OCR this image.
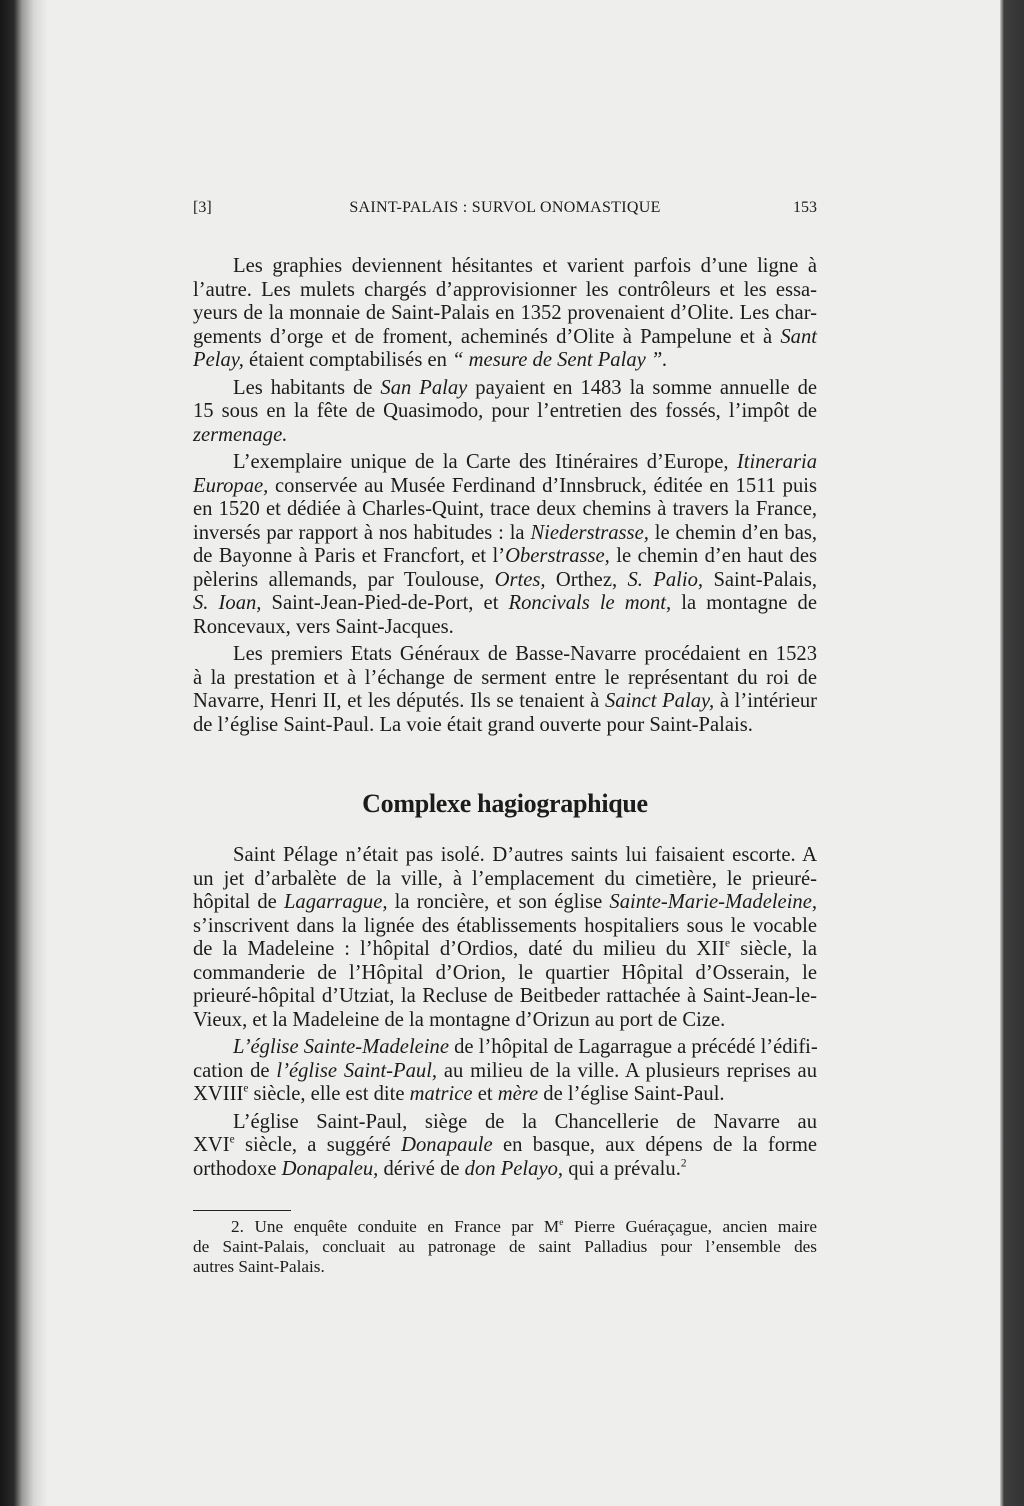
[3]	SAINT-PALAIS : SURVOL ONOMASTIQUE	153
Les graphies deviennent hésitantes et varient parfois d’une ligne à
l’autre. Les mulets chargés d’approvisionner les contrôleurs et les essa-
yeurs de la monnaie de Saint-Palais en 1352 provenaient d’Olite. Les char-
gements d’orge et de froment, acheminés d’Olite à Pampelune et à Sant
Pelay, étaient comptabilisés en “ mesure de Sent Palay ”.
Les habitants de San Palay payaient en 1483 la somme annuelle de
15 sous en la fête de Quasimodo, pour l’entretien des fossés, l’impôt de
zermenage.
L’exemplaire unique de la Carte des Itinéraires d’Europe, Itineraria
Europae, conservée au Musée Ferdinand d’Innsbruck, éditée en 1511 puis
en 1520 et dédiée à Charles-Quint, trace deux chemins à travers la France,
inversés par rapport à nos habitudes : la Niederstrasse, le chemin d’en bas,
de Bayonne à Paris et Francfort, et l’Oberstrasse, le chemin d’en haut des
pèlerins allemands, par Toulouse, Ortes, Orthez, S. Palio, Saint-Palais,
S. Ioan, Saint-Jean-Pied-de-Port, et Roncivals le mont, la montagne de
Roncevaux, vers Saint-Jacques.
Les premiers Etats Généraux de Basse-Navarre procédaient en 1523
à la prestation et à l’échange de serment entre le représentant du roi de
Navarre, Henri II, et les députés. Ils se tenaient à Sainct Palay, à l’intérieur
de l’église Saint-Paul. La voie était grand ouverte pour Saint-Palais.
Complexe hagiographique
Saint Pélage n’était pas isolé. D’autres saints lui faisaient escorte. A
un jet d’arbalète de la ville, à l’emplacement du cimetière, le prieuré-
hôpital de Lagarrague, la roncière, et son église Sainte-Marie-Madeleine,
s’inscrivent dans la lignée des établissements hospitaliers sous le vocable
de la Madeleine : l’hôpital d’Ordios, daté du milieu du XIIe siècle, la
commanderie de l’Hôpital d’Orion, le quartier Hôpital d’Osserain, le
prieuré-hôpital d’Utziat, la Recluse de Beitbeder rattachée à Saint-Jean-le-
Vieux, et la Madeleine de la montagne d’Orizun au port de Cize.
L’église Sainte-Madeleine de l’hôpital de Lagarrague a précédé l’édifi-
cation de l’église Saint-Paul, au milieu de la ville. A plusieurs reprises au
XVIIIe siècle, elle est dite matrice et mère de l’église Saint-Paul.
L’église Saint-Paul, siège de la Chancellerie de Navarre au
XVIe siècle, a suggéré Donapaule en basque, aux dépens de la forme
orthodoxe Donapaleu, dérivé de don Pelayo, qui a prévalu.$^2$
2. Une enquête conduite en France par Me Pierre Guéraçague, ancien maire
de Saint-Palais, concluait au patronage de saint Palladius pour l’ensemble des
autres Saint-Palais.
